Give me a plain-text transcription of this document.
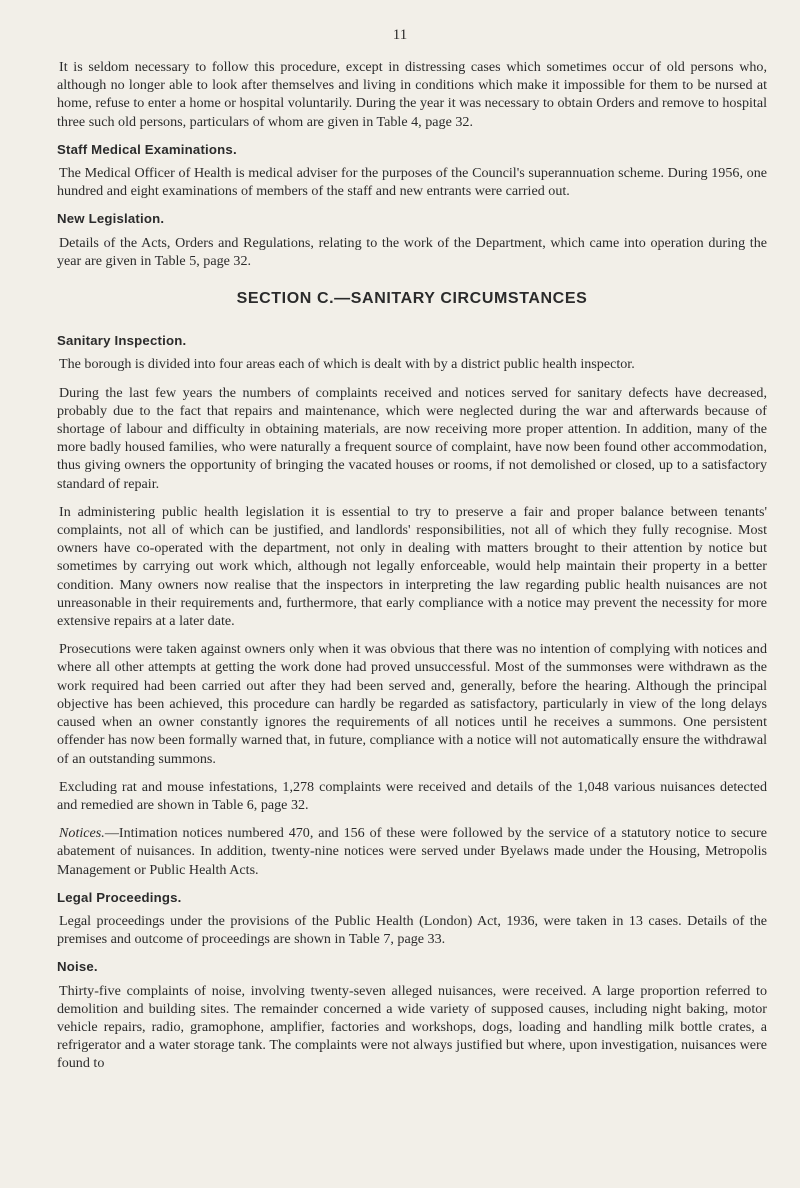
11

It is seldom necessary to follow this procedure, except in distressing cases which sometimes occur of old persons who, although no longer able to look after themselves and living in conditions which make it impossible for them to be nursed at home, refuse to enter a home or hospital voluntarily. During the year it was necessary to obtain Orders and remove to hospital three such old persons, particulars of whom are given in Table 4, page 32.

Staff Medical Examinations.

The Medical Officer of Health is medical adviser for the purposes of the Council's superannuation scheme. During 1956, one hundred and eight examinations of members of the staff and new entrants were carried out.

New Legislation.

Details of the Acts, Orders and Regulations, relating to the work of the Department, which came into operation during the year are given in Table 5, page 32.

SECTION C.—SANITARY CIRCUMSTANCES
Sanitary Inspection.

The borough is divided into four areas each of which is dealt with by a district public health inspector.

During the last few years the numbers of complaints received and notices served for sanitary defects have decreased, probably due to the fact that repairs and maintenance, which were neglected during the war and afterwards because of shortage of labour and difficulty in obtaining materials, are now receiving more proper attention. In addition, many of the more badly housed families, who were naturally a frequent source of complaint, have now been found other accommodation, thus giving owners the opportunity of bringing the vacated houses or rooms, if not demolished or closed, up to a satisfactory standard of repair.

In administering public health legislation it is essential to try to preserve a fair and proper balance between tenants' complaints, not all of which can be justified, and landlords' responsibilities, not all of which they fully recognise. Most owners have co-operated with the department, not only in dealing with matters brought to their attention by notice but sometimes by carrying out work which, although not legally enforceable, would help maintain their property in a better condition. Many owners now realise that the inspectors in interpreting the law regarding public health nuisances are not unreasonable in their requirements and, furthermore, that early compliance with a notice may prevent the necessity for more extensive repairs at a later date.

Prosecutions were taken against owners only when it was obvious that there was no intention of complying with notices and where all other attempts at getting the work done had proved unsuccessful. Most of the summonses were withdrawn as the work required had been carried out after they had been served and, generally, before the hearing. Although the principal objective has been achieved, this procedure can hardly be regarded as satisfactory, particularly in view of the long delays caused when an owner constantly ignores the requirements of all notices until he receives a summons. One persistent offender has now been formally warned that, in future, compliance with a notice will not automatically ensure the withdrawal of an outstanding summons.

Excluding rat and mouse infestations, 1,278 complaints were received and details of the 1,048 various nuisances detected and remedied are shown in Table 6, page 32.

Notices.—Intimation notices numbered 470, and 156 of these were followed by the service of a statutory notice to secure abatement of nuisances. In addition, twenty-nine notices were served under Byelaws made under the Housing, Metropolis Management or Public Health Acts.

Legal Proceedings.

Legal proceedings under the provisions of the Public Health (London) Act, 1936, were taken in 13 cases. Details of the premises and outcome of proceedings are shown in Table 7, page 33.

Noise.

Thirty-five complaints of noise, involving twenty-seven alleged nuisances, were received. A large proportion referred to demolition and building sites. The remainder concerned a wide variety of supposed causes, including night baking, motor vehicle repairs, radio, gramophone, amplifier, factories and workshops, dogs, loading and handling milk bottle crates, a refrigerator and a water storage tank. The complaints were not always justified but where, upon investigation, nuisances were found to
